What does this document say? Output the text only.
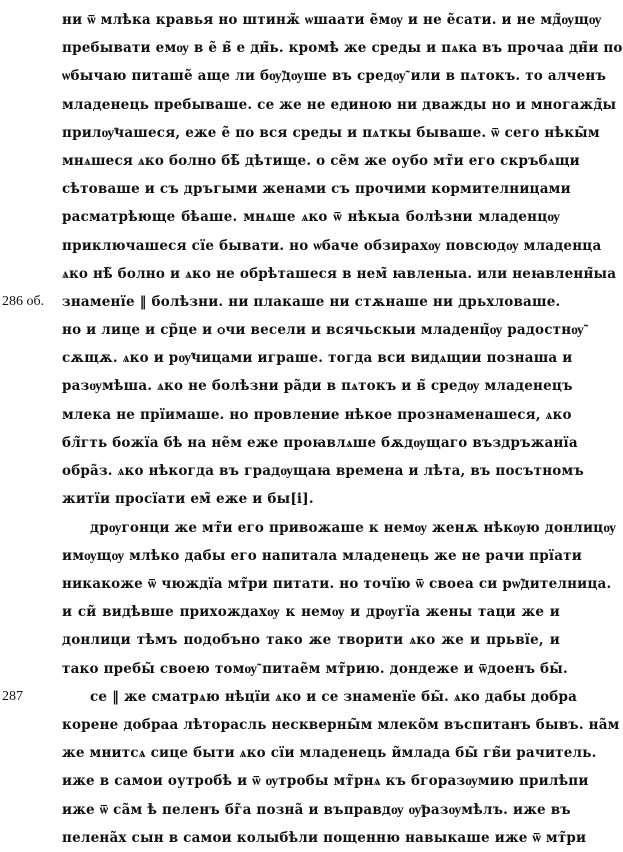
286 об.
287
ни ѿ млѣка кравья но штинж̃ ѡшаати е̃мѹ и не е̃сати. и не мд̃ѹщѹ
пребывати емѹ в е̃ в̃ е дн̃ь. кромѣ же среды и пѧка въ прочаа дн̃и по
ѡбычаю питаше̃ аще ли бѹ̃дѹше въ средѹ̃ или в пѧтокъ. то алченъ
младенець пребываше. се же не единою ни дважды но и многажд̃ы
прилѹ̃чашеся, еже е̃ по вся среды и пѧткы бываше. ѿ сего нѣкы̃м
мнѧшеся ѧко болно бѣ̃ дѣтище. о се̃м же оубо мт̃и его скръбѧщи
сѣтоваше и съ дръгыми женами съ прочими кормителницами
расматрѣюще бѣаше. мнѧше ѧко ѿ нѣкыа болѣзни младенцѹ
приключашеся сїе бывати. но ѡбаче обзирахѹ повсюдѹ младенца
ѧко нѣ̃ болно и ѧко не обрѣташеся в нем̃ ꙗвленыа. или неꙗвленн̃ыа
знаменїе ‖ болѣзни. ни плакаше ни стѫнаше ни дрьхловаше.
но и лице и ср̃це и ѻчи весели и всячьскыи младенц̃ѹ радостнѹ̃
сѫщѫ. ѧко и рѹ̃чицами играше. тогда вси видѧщии познаша и
разѹмѣша. ѧко не болѣзни ра̃ди в пѧтокъ и в̃ средѹ младенецъ
млека не прїимаше. но провление нѣкое прознаменашеся, ѧко
бл̃гть божїа бѣ на не̃м еже проꙗвлѧше бѫдѹщаго въздръжанїа
обра̃з. ѧко нѣкогда въ градѹщаꙗ времена и лѣта, въ посътномъ
житїи просїати ем̃ еже и бы[і].
дрѹгонци же мт̃и его привожаше к немѹ женѫ нѣкѹю донлицѹ
имѹщѹ млѣко дабы его напитала младенець же не рачи прїати
никакоже ѿ чюждїа мт̃ри питати. но точїю ѿ своеа си рѡ̃дителница.
и си̃ видѣвше прихождахѹ к немѹ и дрѹгїа жены таци же и
донлици тѣмъ подобъно тако же творити ѧко же и прьвїе, и
тако пребы̃ своею томѹ̃ питае̃м мт̃рию. дондеже и ѿдоенъ бы̃.
се ‖ же сматрѧю нѣцїи ѧко и се знаменїе бы̃. ѧко дабы добра
корене добраа лѣторасль нескверны̃м млеко̃м въспитанъ бывъ. на̃м
же мнитсѧ сице быти ѧко сїи младенець и̃млада бы̃ гв̃и рачитель.
иже в самои оутробѣ и ѿ ѹтробы мт̃рнѧ къ бгоразѹмию прилѣпи
иже ѿ са̃м ѣ пеленъ бг̃а позна̃ и въправдѹ ѹ̃разѹмѣлъ. иже въ
пелена̃х сын в самои колыбѣли пощенню навыкаше иже ѿ мт̃ри
